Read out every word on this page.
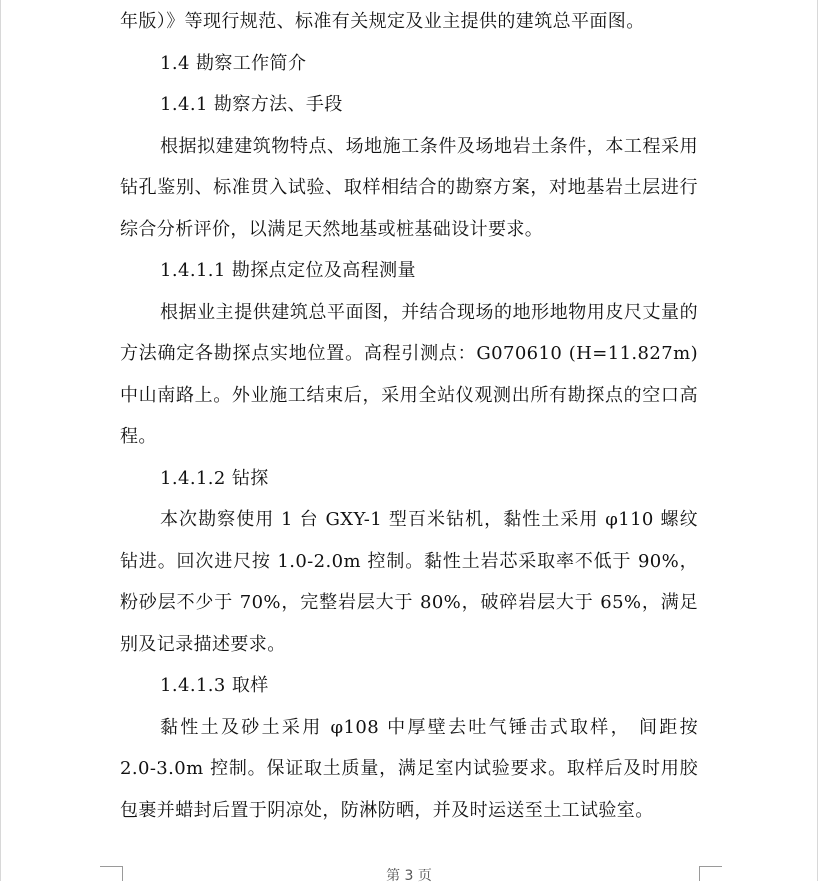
年版）》等现行规范、标准有关规定及业主提供的建筑总平面图。
1.4 勘察工作简介
1.4.1 勘察方法、手段
根据拟建建筑物特点、场地施工条件及场地岩土条件，本工程采用
钻孔鉴别、标准贯入试验、取样相结合的勘察方案，对地基岩土层进行
综合分析评价，以满足天然地基或桩基础设计要求。
1.4.1.1 勘探点定位及高程测量
根据业主提供建筑总平面图，并结合现场的地形地物用皮尺丈量的
方法确定各勘探点实地位置。高程引测点：G070610 (H=11.827m)
中山南路上。外业施工结束后，采用全站仪观测出所有勘探点的空口高
程。
1.4.1.2 钻探
本次勘察使用 1 台 GXY-1 型百米钻机，黏性土采用 φ110 螺纹
钻进。回次进尺按 1.0-2.0m 控制。黏性土岩芯采取率不低于 90%，
粉砂层不少于 70%，完整岩层大于 80%，破碎岩层大于 65%，满足
别及记录描述要求。
1.4.1.3 取样
黏性土及砂土采用 φ108 中厚壁去吐气锤击式取样， 间距按
2.0-3.0m 控制。保证取土质量，满足室内试验要求。取样后及时用胶
包裹并蜡封后置于阴凉处，防淋防晒，并及时运送至土工试验室。
第 3 页
